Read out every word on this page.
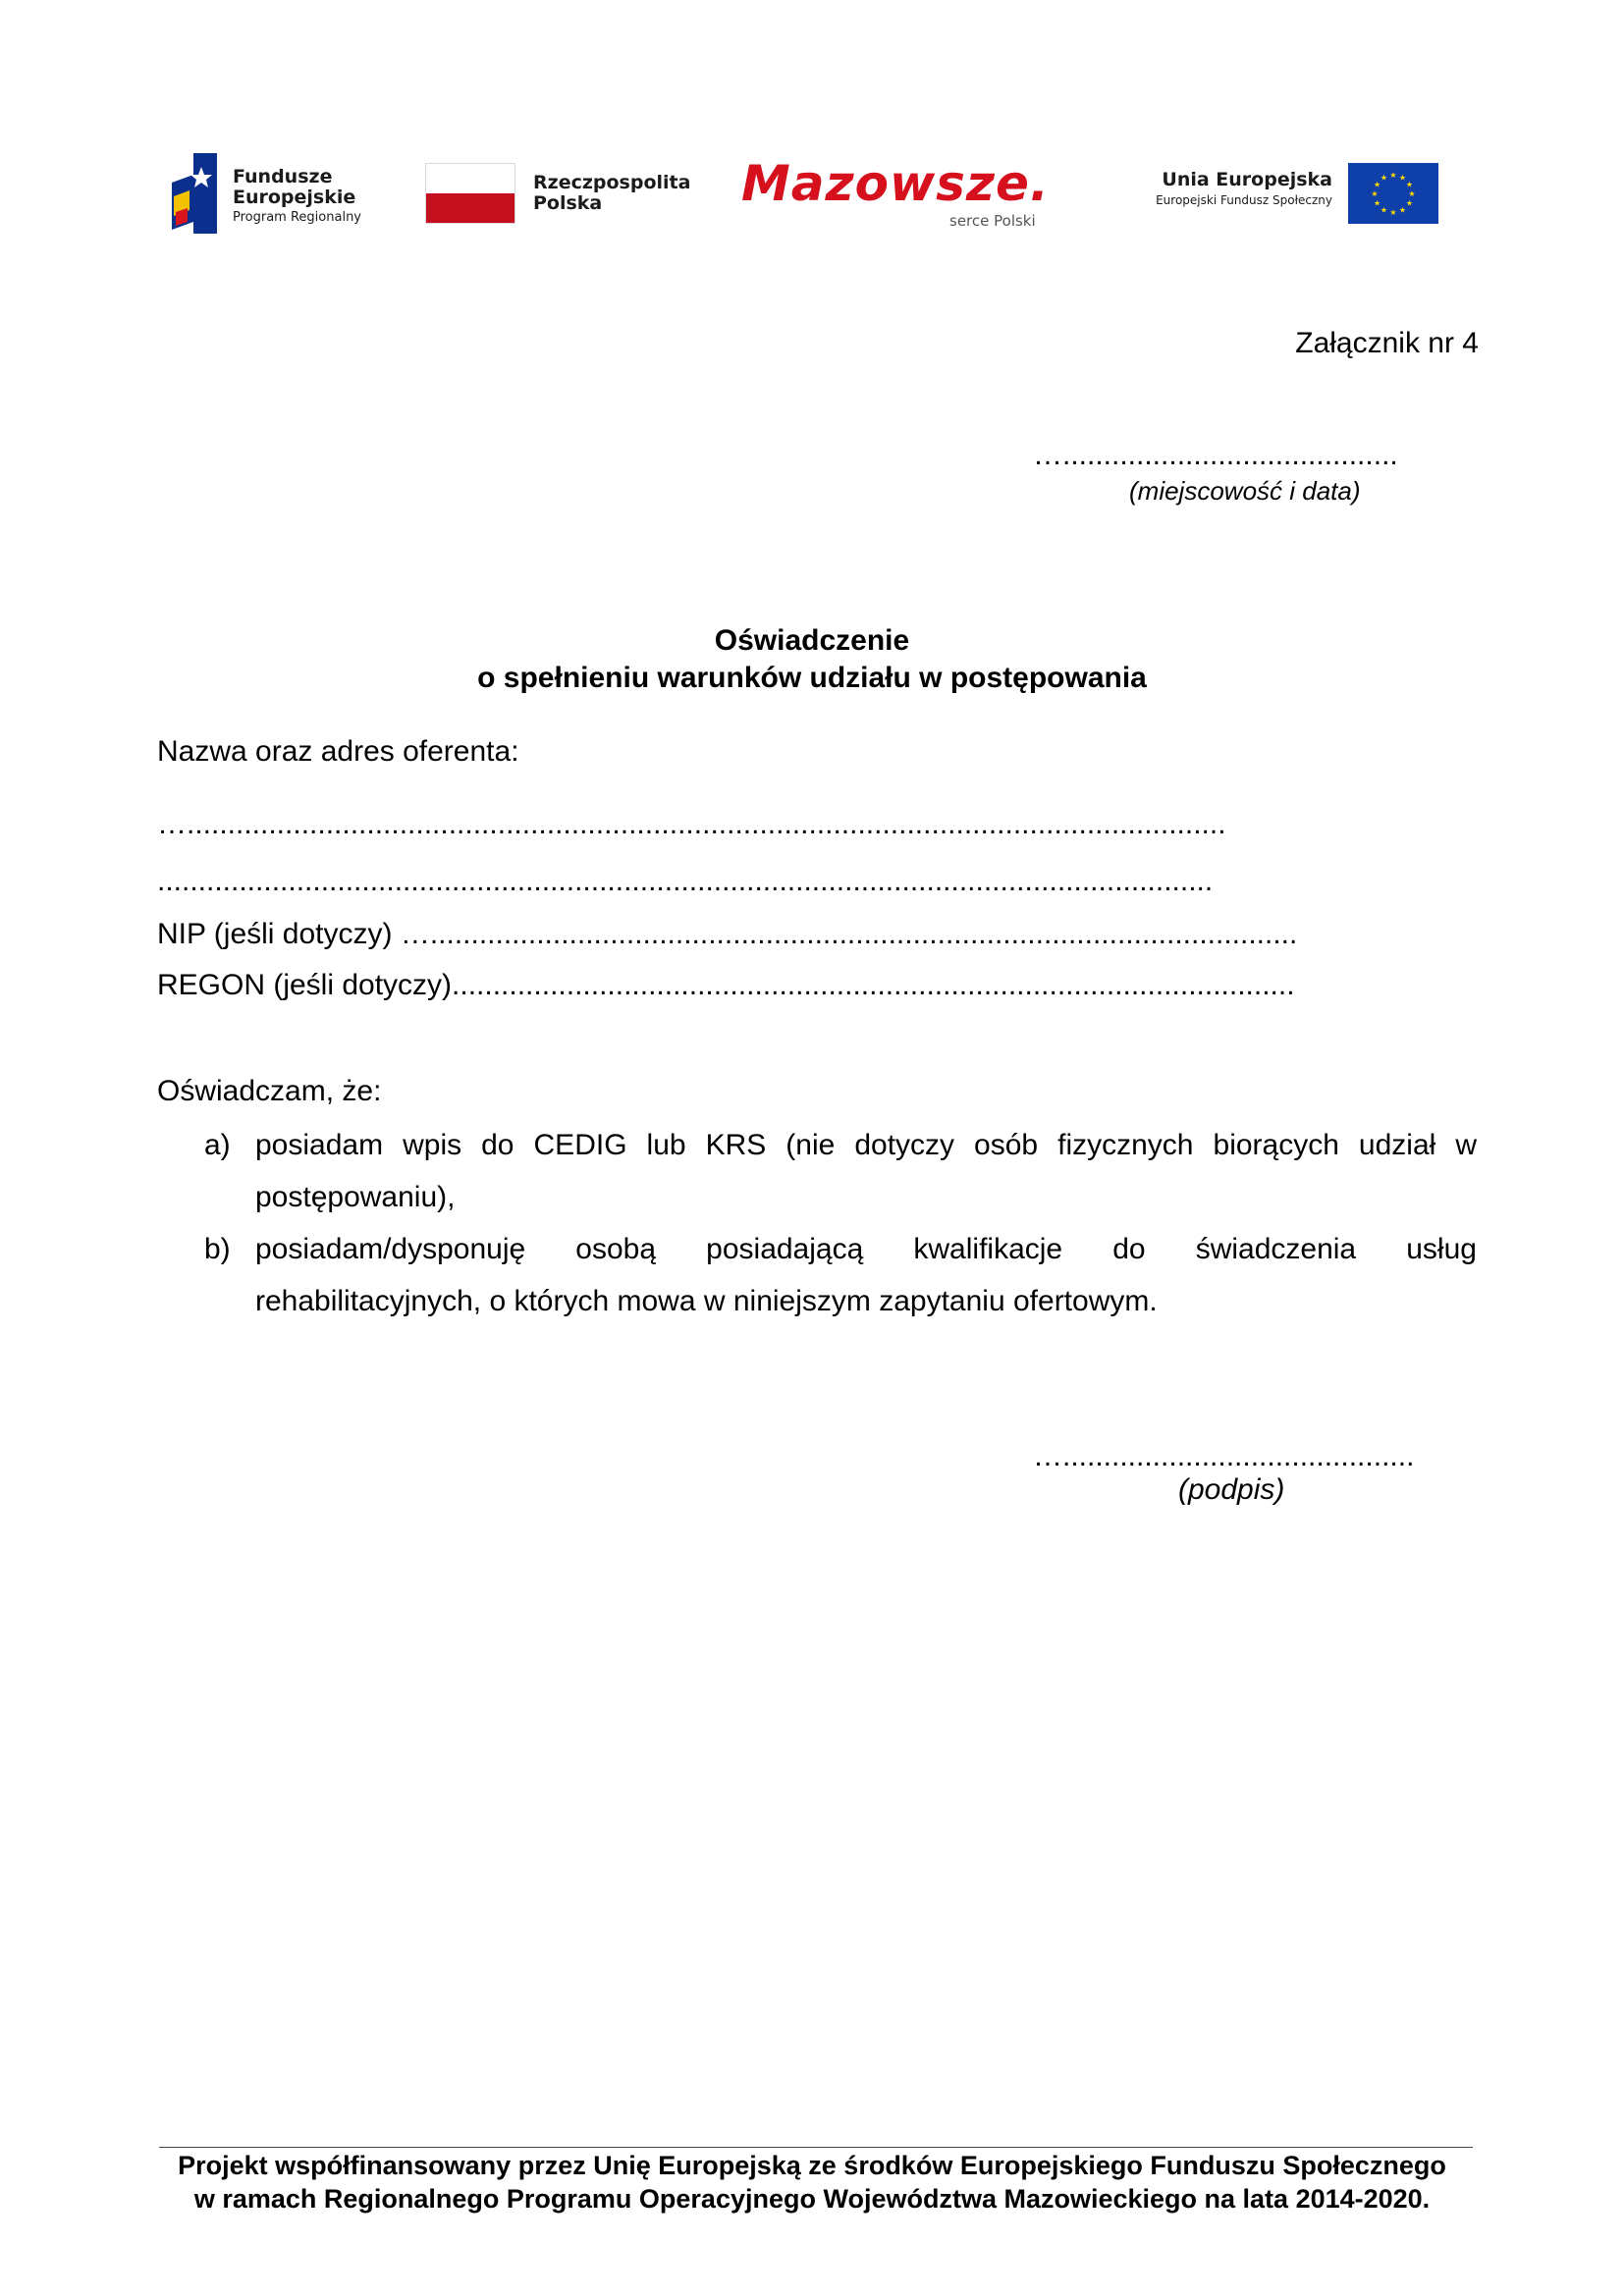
Fundusze
Europejskie
Program Regionalny
Rzeczpospolita
Polska	Mazowsze.
serce Polski
Unia Europejska
Europejski Fundusz Społeczny	★
★
★
★
★
★
★
★
★ ★ ★
★
Załącznik nr 4
….........................................
(miejscowość i data)
Oświadczenie
o spełnieniu warunków udziału w postępowania
Nazwa oraz adres oferenta:
…...............................................................................................................................
.................................................................................................................................
NIP (jeśli dotyczy) …..........................................................................................................
REGON (jeśli dotyczy).......................................................................................................
Oświadczam, że:
a) posiadam wpis do CEDIG lub KRS (nie dotyczy osób fizycznych biorących udział w postępowaniu),
b) posiadam/dysponuję osobą posiadającą kwalifikacje do świadczenia usług
rehabilitacyjnych, o których mowa w niniejszym zapytaniu ofertowym.
…...........................................
(podpis)
Projekt współfinansowany przez Unię Europejską ze środków Europejskiego Funduszu Społecznego
w ramach Regionalnego Programu Operacyjnego Województwa Mazowieckiego na lata 2014-2020.
